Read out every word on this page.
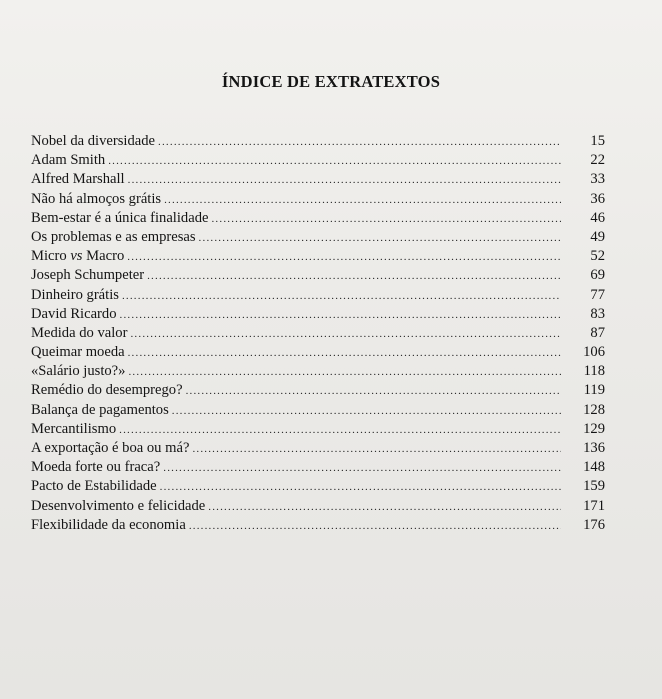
ÍNDICE DE EXTRATEXTOS
Nobel da diversidade .....	15
Adam Smith .....	22
Alfred Marshall .....	33
Não há almoços grátis .....	36
Bem-estar é a única finalidade .....	46
Os problemas e as empresas .....	49
Micro vs Macro .....	52
Joseph Schumpeter .....	69
Dinheiro grátis .....	77
David Ricardo .....	83
Medida do valor .....	87
Queimar moeda .....	106
«Salário justo?» .....	118
Remédio do desemprego? .....	119
Balança de pagamentos .....	128
Mercantilismo .....	129
A exportação é boa ou má? .....	136
Moeda forte ou fraca? .....	148
Pacto de Estabilidade .....	159
Desenvolvimento e felicidade .....	171
Flexibilidade da economia .....	176
